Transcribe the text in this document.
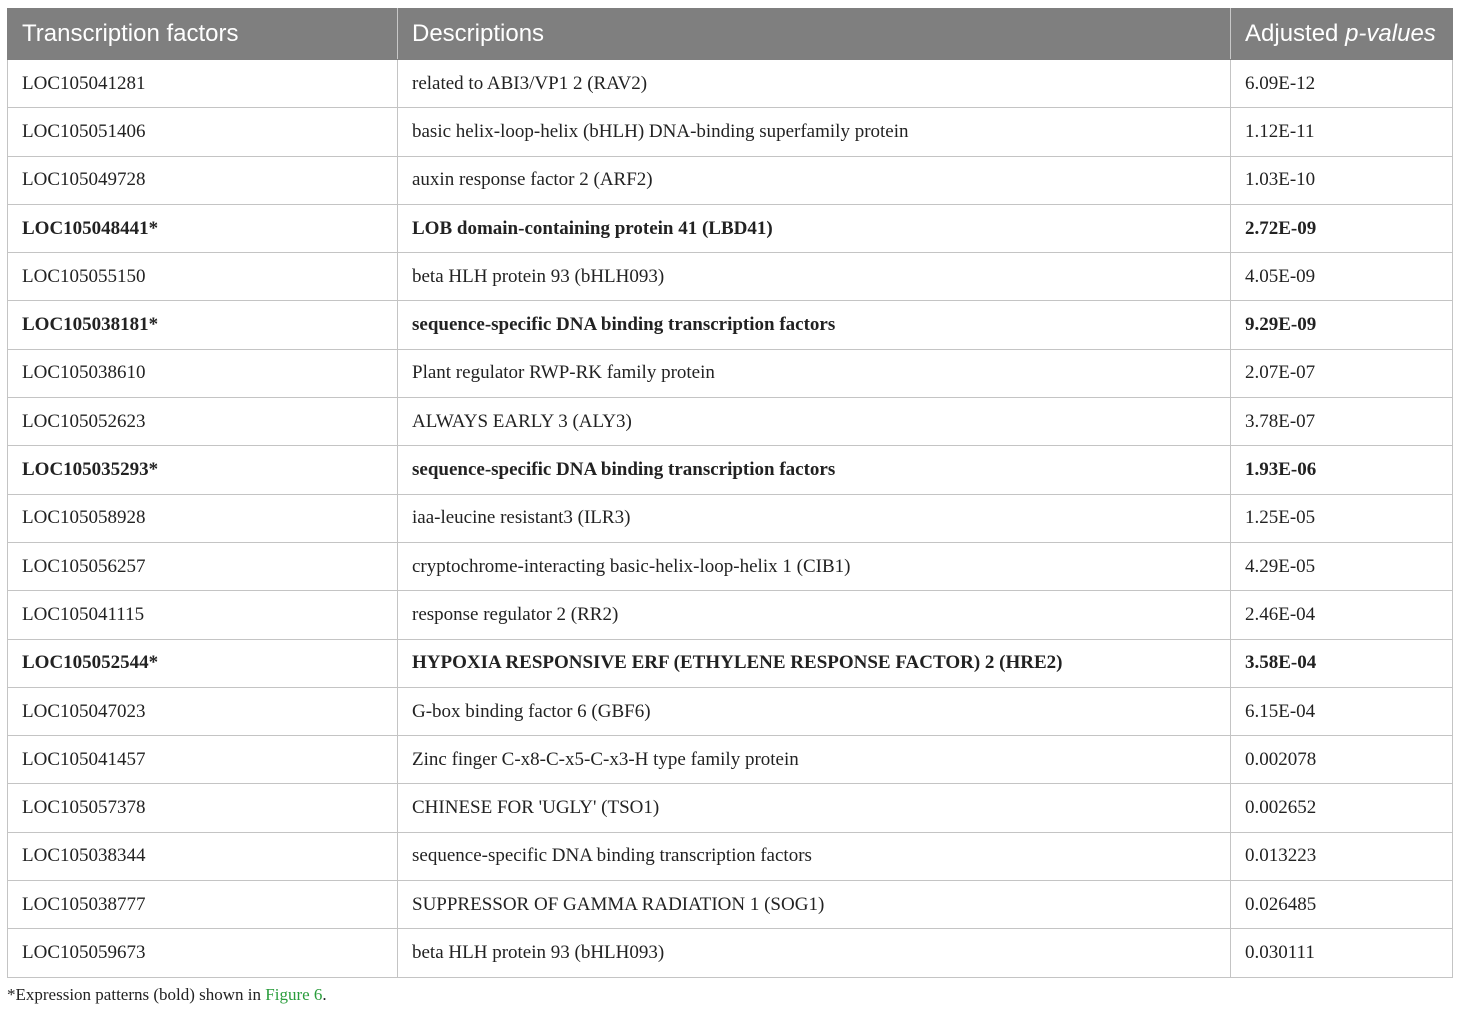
Transcription factors	Descriptions	Adjusted p-values
LOC105041281	related to ABI3/VP1 2 (RAV2)	6.09E-12
LOC105051406	basic helix-loop-helix (bHLH) DNA-binding superfamily protein	1.12E-11
LOC105049728	auxin response factor 2 (ARF2)	1.03E-10
LOC105048441*	LOB domain-containing protein 41 (LBD41)	2.72E-09
LOC105055150	beta HLH protein 93 (bHLH093)	4.05E-09
LOC105038181*	sequence-specific DNA binding transcription factors	9.29E-09
LOC105038610	Plant regulator RWP-RK family protein	2.07E-07
LOC105052623	ALWAYS EARLY 3 (ALY3)	3.78E-07
LOC105035293*	sequence-specific DNA binding transcription factors	1.93E-06
LOC105058928	iaa-leucine resistant3 (ILR3)	1.25E-05
LOC105056257	cryptochrome-interacting basic-helix-loop-helix 1 (CIB1)	4.29E-05
LOC105041115	response regulator 2 (RR2)	2.46E-04
LOC105052544*	HYPOXIA RESPONSIVE ERF (ETHYLENE RESPONSE FACTOR) 2 (HRE2)	3.58E-04
LOC105047023	G-box binding factor 6 (GBF6)	6.15E-04
LOC105041457	Zinc finger C-x8-C-x5-C-x3-H type family protein	0.002078
LOC105057378	CHINESE FOR 'UGLY' (TSO1)	0.002652
LOC105038344	sequence-specific DNA binding transcription factors	0.013223
LOC105038777	SUPPRESSOR OF GAMMA RADIATION 1 (SOG1)	0.026485
LOC105059673	beta HLH protein 93 (bHLH093)	0.030111
*Expression patterns (bold) shown in Figure 6.
